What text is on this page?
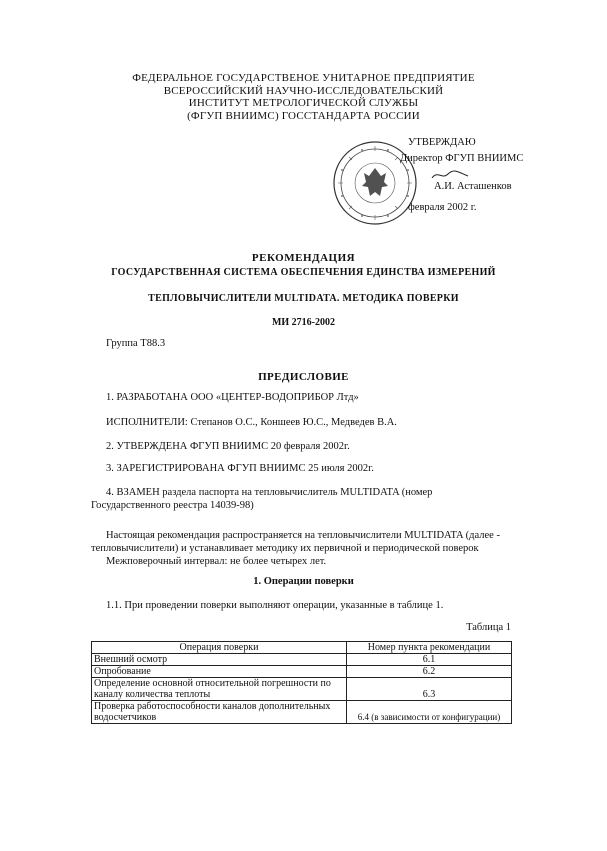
ФЕДЕРАЛЬНОЕ ГОСУДАРСТВЕНОЕ УНИТАРНОЕ ПРЕДПРИЯТИЕ
ВСЕРОССИЙСКИЙ НАУЧНО-ИССЛЕДОВАТЕЛЬСКИЙ
ИНСТИТУТ МЕТРОЛОГИЧЕСКОЙ СЛУЖБЫ
(ФГУП ВНИИМС) ГОССТАНДАРТА РОССИИ
УТВЕРЖДАЮ
Директор ФГУП ВНИИМС
А.И. Асташенков
февраля 2002 г.
РЕКОМЕНДАЦИЯ
ГОСУДАРСТВЕННАЯ СИСТЕМА ОБЕСПЕЧЕНИЯ ЕДИНСТВА ИЗМЕРЕНИЙ
ТЕПЛОВЫЧИСЛИТЕЛИ MULTIDATA. МЕТОДИКА ПОВЕРКИ
МИ 2716-2002
Группа Т88.3
ПРЕДИСЛОВИЕ
1. РАЗРАБОТАНА ООО «ЦЕНТЕР-ВОДОПРИБОР Лтд»
ИСПОЛНИТЕЛИ: Степанов О.С., Коншеев Ю.С., Медведев В.А.
2. УТВЕРЖДЕНА ФГУП ВНИИМС 20 февраля 2002г.
3. ЗАРЕГИСТРИРОВАНА ФГУП ВНИИМС 25 июля 2002г.
4. ВЗАМЕН раздела паспорта на тепловычислитель MULTIDATA (номер Государственного реестра 14039-98)
Настоящая рекомендация распространяется на тепловычислители MULTIDATA (далее - тепловычислители) и устанавливает методику их первичной и периодической поверок
Межповерочный интервал: не более четырех лет.
1. Операции поверки
1.1. При проведении поверки выполняют операции, указанные в таблице 1.
Таблица 1
Операция поверки	Номер пункта рекомендации
Внешний осмотр	6.1
Опробование	6.2
Определение основной относительной погрешности по каналу количества теплоты	6.3
Проверка работоспособности каналов дополнительных водосчетчиков	6.4 (в зависимости от конфигурации)
